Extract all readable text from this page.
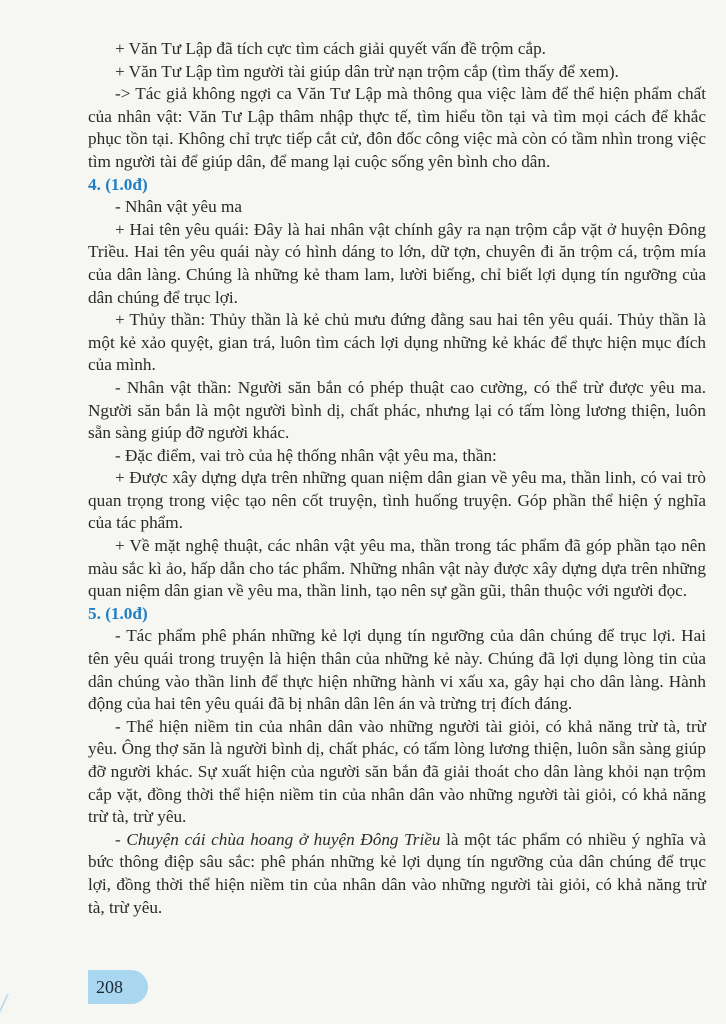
+ Văn Tư Lập đã tích cực tìm cách giải quyết vấn đề trộm cắp.

+ Văn Tư Lập tìm người tài giúp dân trừ nạn trộm cắp (tìm thấy để xem).

-> Tác giả không ngợi ca Văn Tư Lập mà thông qua việc làm để thể hiện phẩm chất của nhân vật: Văn Tư Lập thâm nhập thực tế, tìm hiểu tồn tại và tìm mọi cách để khắc phục tồn tại. Không chỉ trực tiếp cắt cử, đôn đốc công việc mà còn có tầm nhìn trong việc tìm người tài để giúp dân, để mang lại cuộc sống yên bình cho dân.

4. (1.0đ)

- Nhân vật yêu ma

+ Hai tên yêu quái: Đây là hai nhân vật chính gây ra nạn trộm cắp vặt ở huyện Đông Triều. Hai tên yêu quái này có hình dáng to lớn, dữ tợn, chuyên đi ăn trộm cá, trộm mía của dân làng. Chúng là những kẻ tham lam, lười biếng, chỉ biết lợi dụng tín ngưỡng của dân chúng để trục lợi.

+ Thủy thần: Thủy thần là kẻ chủ mưu đứng đằng sau hai tên yêu quái. Thủy thần là một kẻ xảo quyệt, gian trá, luôn tìm cách lợi dụng những kẻ khác để thực hiện mục đích của mình.

- Nhân vật thần: Người săn bắn có phép thuật cao cường, có thể trừ được yêu ma. Người săn bắn là một người bình dị, chất phác, nhưng lại có tấm lòng lương thiện, luôn sẵn sàng giúp đỡ người khác.

- Đặc điểm, vai trò của hệ thống nhân vật yêu ma, thần:

+ Được xây dựng dựa trên những quan niệm dân gian về yêu ma, thần linh, có vai trò quan trọng trong việc tạo nên cốt truyện, tình huống truyện. Góp phần thể hiện ý nghĩa của tác phẩm.

+ Về mặt nghệ thuật, các nhân vật yêu ma, thần trong tác phẩm đã góp phần tạo nên màu sắc kì ảo, hấp dẫn cho tác phẩm. Những nhân vật này được xây dựng dựa trên những quan niệm dân gian về yêu ma, thần linh, tạo nên sự gần gũi, thân thuộc với người đọc.

5. (1.0đ)

- Tác phẩm phê phán những kẻ lợi dụng tín ngưỡng của dân chúng để trục lợi. Hai tên yêu quái trong truyện là hiện thân của những kẻ này. Chúng đã lợi dụng lòng tin của dân chúng vào thần linh để thực hiện những hành vi xấu xa, gây hại cho dân làng. Hành động của hai tên yêu quái đã bị nhân dân lên án và trừng trị đích đáng.

- Thể hiện niềm tin của nhân dân vào những người tài giỏi, có khả năng trừ tà, trừ yêu. Ông thợ săn là người bình dị, chất phác, có tấm lòng lương thiện, luôn sẵn sàng giúp đỡ người khác. Sự xuất hiện của người săn bắn đã giải thoát cho dân làng khỏi nạn trộm cắp vặt, đồng thời thể hiện niềm tin của nhân dân vào những người tài giỏi, có khả năng trừ tà, trừ yêu.

- Chuyện cái chùa hoang ở huyện Đông Triều là một tác phẩm có nhiều ý nghĩa và bức thông điệp sâu sắc: phê phán những kẻ lợi dụng tín ngưỡng của dân chúng để trục lợi, đồng thời thể hiện niềm tin của nhân dân vào những người tài giỏi, có khả năng trừ tà, trừ yêu.

208
